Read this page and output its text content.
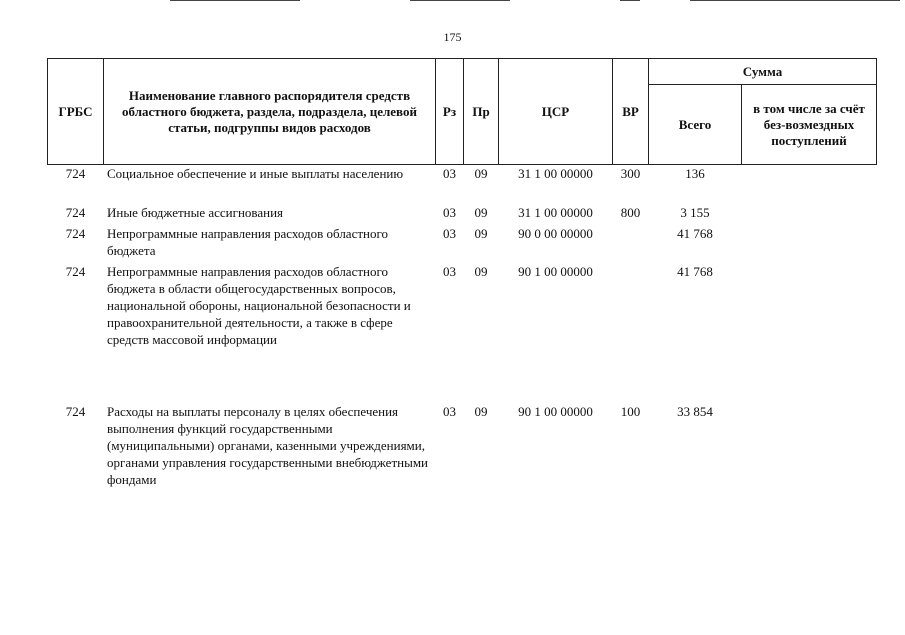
175
ГРБС	Наименование главного распорядителя средств областного бюджета, раздела, подраздела, целевой статьи, подгруппы видов расходов	Рз	Пр	ЦСР	ВР	Сумма	
						Всего	в том числе за счёт без-возмездных поступлений
724	Социальное обеспечение и иные выплаты населению	03	09	31 1 00 00000	300	136	
724	Иные бюджетные ассигнования	03	09	31 1 00 00000	800	3 155	
724	Непрограммные направления расходов областного бюджета	03	09	90 0 00 00000		41 768	
724	Непрограммные направления расходов областного бюджета в области общегосударственных вопросов, национальной обороны, национальной безопасности и правоохранительной деятельности, а также в сфере средств массовой информации	03	09	90 1 00 00000		41 768	
724	Расходы на выплаты персоналу в целях обеспечения выполнения функций государственными (муниципальными) органами, казенными учреждениями, органами управления государственными внебюджетными фондами	03	09	90 1 00 00000	100	33 854	
